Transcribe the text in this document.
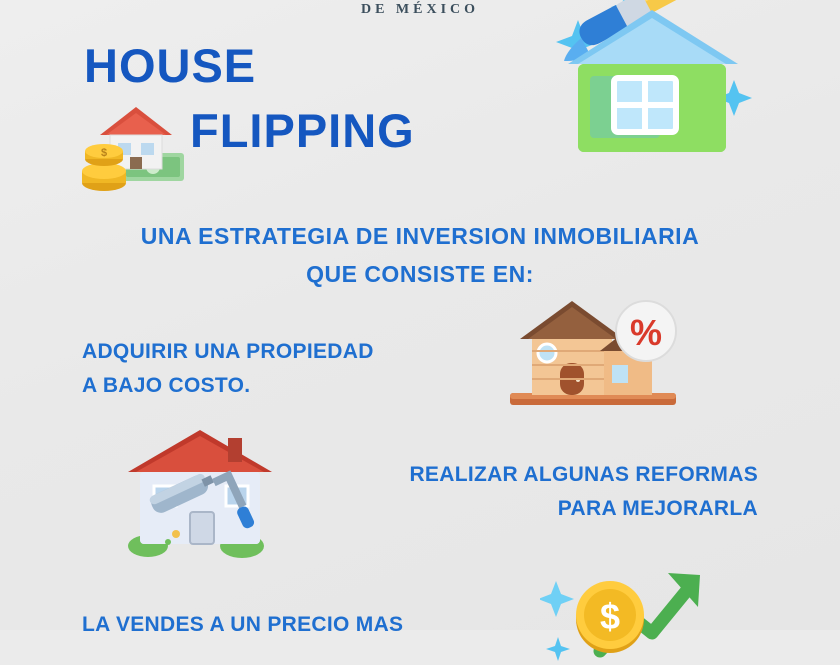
DE MÉXICO
$
HOUSE
FLIPPING
UNA ESTRATEGIA DE INVERSION INMOBILIARIA
QUE CONSISTE EN:
ADQUIRIR UNA PROPIEDAD
A BAJO COSTO.
%
REALIZAR ALGUNAS REFORMAS
PARA MEJORARLA
$
LA VENDES A UN PRECIO MAS
